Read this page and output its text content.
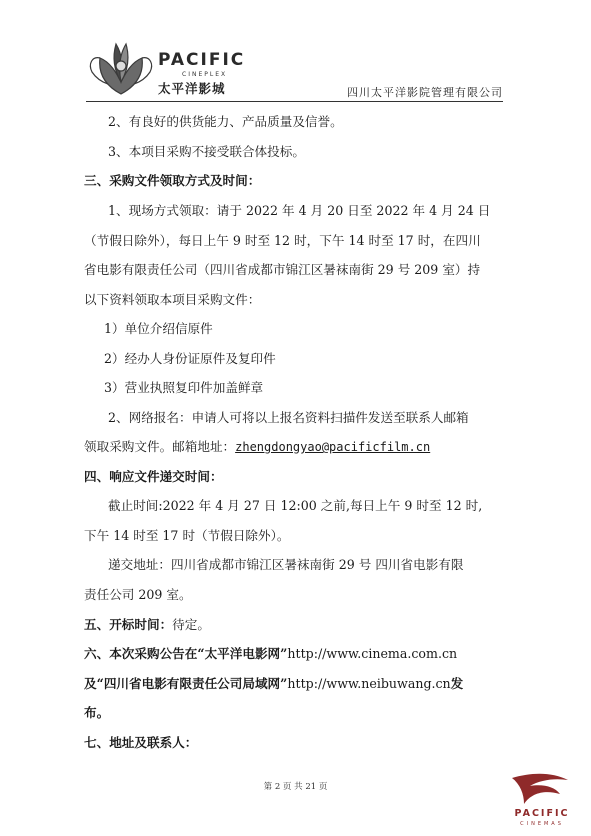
PACIFIC
CINEPLEX
太平洋影城	四川太平洋影院管理有限公司
2、有良好的供货能力、产品质量及信誉。
3、本项目采购不接受联合体投标。
三、采购文件领取方式及时间：
1、现场方式领取：请于 2022 年 4 月 20 日至 2022 年 4 月 24 日
（节假日除外），每日上午 9 时至 12 时，下午 14 时至 17 时，在四川
省电影有限责任公司（四川省成都市锦江区暑袜南街 29 号 209 室）持
以下资料领取本项目采购文件：
1）单位介绍信原件
2）经办人身份证原件及复印件
3）营业执照复印件加盖鲜章
2、网络报名：申请人可将以上报名资料扫描件发送至联系人邮箱
领取采购文件。邮箱地址：zhengdongyao@pacificfilm.cn
四、响应文件递交时间：
截止时间:2022 年 4 月 27 日 12:00 之前,每日上午 9 时至 12 时,
下午 14 时至 17 时（节假日除外）。
递交地址：四川省成都市锦江区暑袜南街 29 号 四川省电影有限
责任公司 209 室。
五、开标时间：待定。
六、本次采购公告在“太平洋电影网”http://www.cinema.com.cn
及“四川省电影有限责任公司局域网”http://www.neibuwang.cn发
布。
七、地址及联系人：
第 2 页 共 21 页
PACIFIC
CINEMAS
